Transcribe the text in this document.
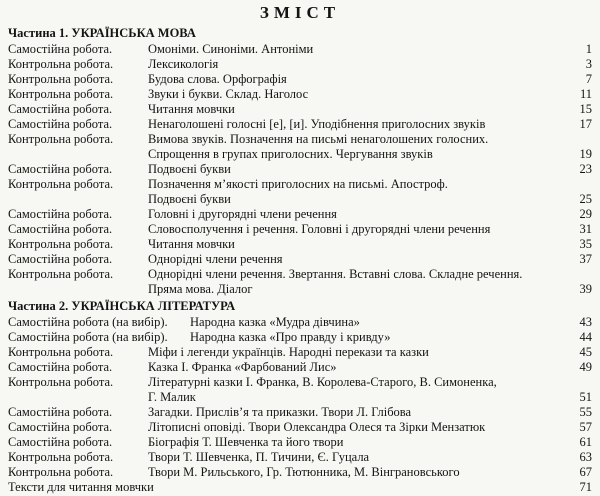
ЗМІСТ
Частина 1. УКРАЇНСЬКА МОВА
Самостійна робота.	Омоніми. Синоніми. Антоніми	1
Контрольна робота.	Лексикологія	3
Контрольна робота.	Будова слова. Орфографія	7
Контрольна робота.	Звуки і букви. Склад. Наголос	11
Самостійна робота.	Читання мовчки	15
Самостійна робота.	Ненаголошені голосні [е], [и]. Уподібнення приголосних звуків	17
Контрольна робота.	Вимова звуків. Позначення на письмі ненаголошених голосних.
Спрощення в групах приголосних. Чергування звуків	19
Самостійна робота.	Подвоєні букви	23
Контрольна робота.	Позначення м’якості приголосних на письмі. Апостроф.
Подвоєні букви	25
Самостійна робота.	Головні і другорядні члени речення	29
Самостійна робота.	Словосполучення і речення. Головні і другорядні члени речення	31
Контрольна робота.	Читання мовчки	35
Самостійна робота.	Однорідні члени речення	37
Контрольна робота.	Однорідні члени речення. Звертання. Вставні слова. Складне речення.
Пряма мова. Діалог	39
Частина 2. УКРАЇНСЬКА ЛІТЕРАТУРА
Самостійна робота (на вибір). Народна казка «Мудра дівчина»	43
Самостійна робота (на вибір). Народна казка «Про правду і кривду»	44
Контрольна робота.	Міфи і легенди українців. Народні перекази та казки	45
Самостійна робота.	Казка І. Франка «Фарбований Лис»	49
Контрольна робота.	Літературні казки І. Франка, В. Королева-Старого, В. Симоненка,
Г. Малик	51
Самостійна робота.	Загадки. Прислів’я та приказки. Твори Л. Глібова	55
Самостійна робота.	Літописні оповіді. Твори Олександра Олеся та Зірки Мензатюк	57
Самостійна робота.	Біографія Т. Шевченка та його твори	61
Контрольна робота.	Твори Т. Шевченка, П. Тичини, Є. Гуцала	63
Контрольна робота.	Твори М. Рильського, Гр. Тютюнника, М. Вінграновського	67
Тексти для читання мовчки	71
